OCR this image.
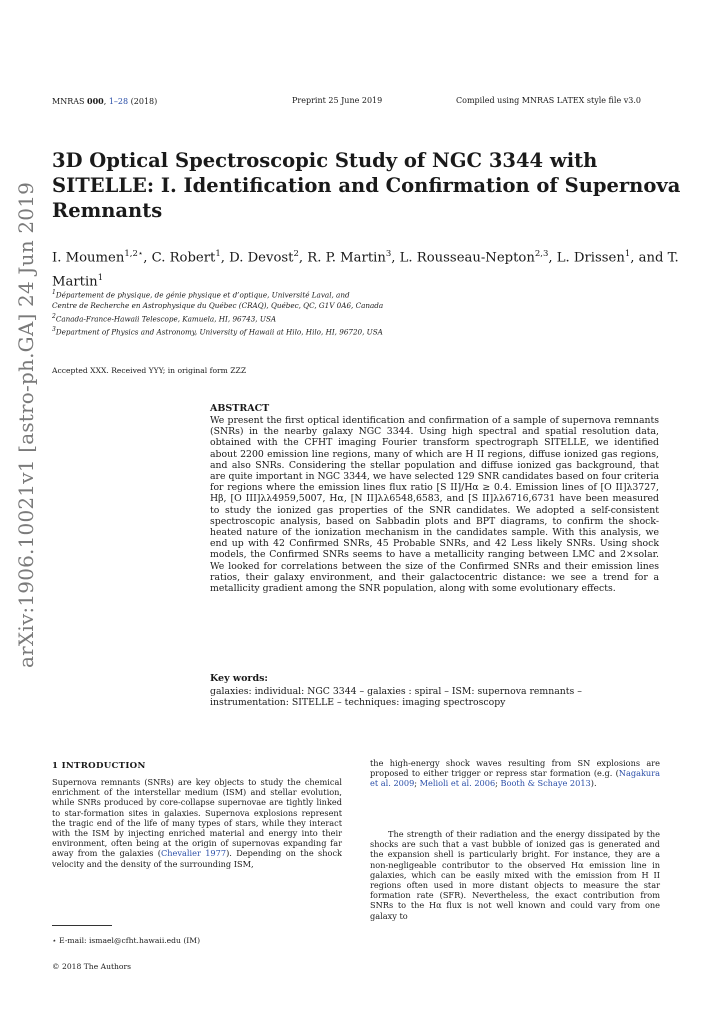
MNRAS 000, 1–28 (2018)	Preprint 25 June 2019	Compiled using MNRAS LATEX style file v3.0
arXiv:1906.10021v1 [astro-ph.GA] 24 Jun 2019
3D Optical Spectroscopic Study of NGC 3344 with SITELLE: I. Identification and Confirmation of Supernova Remnants
I. Moumen$^{1,2⋆}$, C. Robert$^1$, D. Devost$^2$, R. P. Martin$^3$, L. Rousseau-Nepton$^{2,3}$, L. Drissen$^1$, and T. Martin$^1$
$^1$Département de physique, de génie physique et d’optique, Université Laval, and
Centre de Recherche en Astrophysique du Québec (CRAQ), Québec, QC, G1V 0A6, Canada
$^2$Canada-France-Hawaii Telescope, Kamuela, HI, 96743, USA
$^3$Department of Physics and Astronomy, University of Hawaii at Hilo, Hilo, HI, 96720, USA
Accepted XXX. Received YYY; in original form ZZZ
ABSTRACT
We present the first optical identification and confirmation of a sample of supernova remnants (SNRs) in the nearby galaxy NGC 3344. Using high spectral and spatial resolution data, obtained with the CFHT imaging Fourier transform spectrograph SITELLE, we identified about 2200 emission line regions, many of which are H II regions, diffuse ionized gas regions, and also SNRs. Considering the stellar population and diffuse ionized gas background, that are quite important in NGC 3344, we have selected 129 SNR candidates based on four criteria for regions where the emission lines flux ratio [S II]/Hα ≥ 0.4. Emission lines of [O II]λ3727, Hβ, [O III]λλ4959,5007, Hα, [N II]λλ6548,6583, and [S II]λλ6716,6731 have been measured to study the ionized gas properties of the SNR candidates. We adopted a self-consistent spectroscopic analysis, based on Sabbadin plots and BPT diagrams, to confirm the shock-heated nature of the ionization mechanism in the candidates sample. With this analysis, we end up with 42 Confirmed SNRs, 45 Probable SNRs, and 42 Less likely SNRs. Using shock models, the Confirmed SNRs seems to have a metallicity ranging between LMC and 2×solar. We looked for correlations between the size of the Confirmed SNRs and their emission lines ratios, their galaxy environment, and their galactocentric distance: we see a trend for a metallicity gradient among the SNR population, along with some evolutionary effects.
Key words:
galaxies: individual: NGC 3344 – galaxies : spiral – ISM: supernova remnants – instrumentation: SITELLE – techniques: imaging spectroscopy
1 INTRODUCTION
Supernova remnants (SNRs) are key objects to study the chemical enrichment of the interstellar medium (ISM) and stellar evolution, while SNRs produced by core-collapse supernovae are tightly linked to star-formation sites in galaxies. Supernova explosions represent the tragic end of the life of many types of stars, while they interact with the ISM by injecting enriched material and energy into their environment, often being at the origin of supernovas expanding far away from the galaxies (Chevalier 1977). Depending on the shock velocity and the density of the surrounding ISM,
the high-energy shock waves resulting from SN explosions are proposed to either trigger or repress star formation (e.g. (Nagakura et al. 2009; Melioli et al. 2006; Booth & Schaye 2013).
The strength of their radiation and the energy dissipated by the shocks are such that a vast bubble of ionized gas is generated and the expansion shell is particularly bright. For instance, they are a non-negligeable contributor to the observed Hα emission line in galaxies, which can be easily mixed with the emission from H II regions often used in more distant objects to measure the star formation rate (SFR). Nevertheless, the exact contribution from SNRs to the Hα flux is not well known and could vary from one galaxy to
⋆ E-mail: ismael@cfht.hawaii.edu (IM)
© 2018 The Authors
